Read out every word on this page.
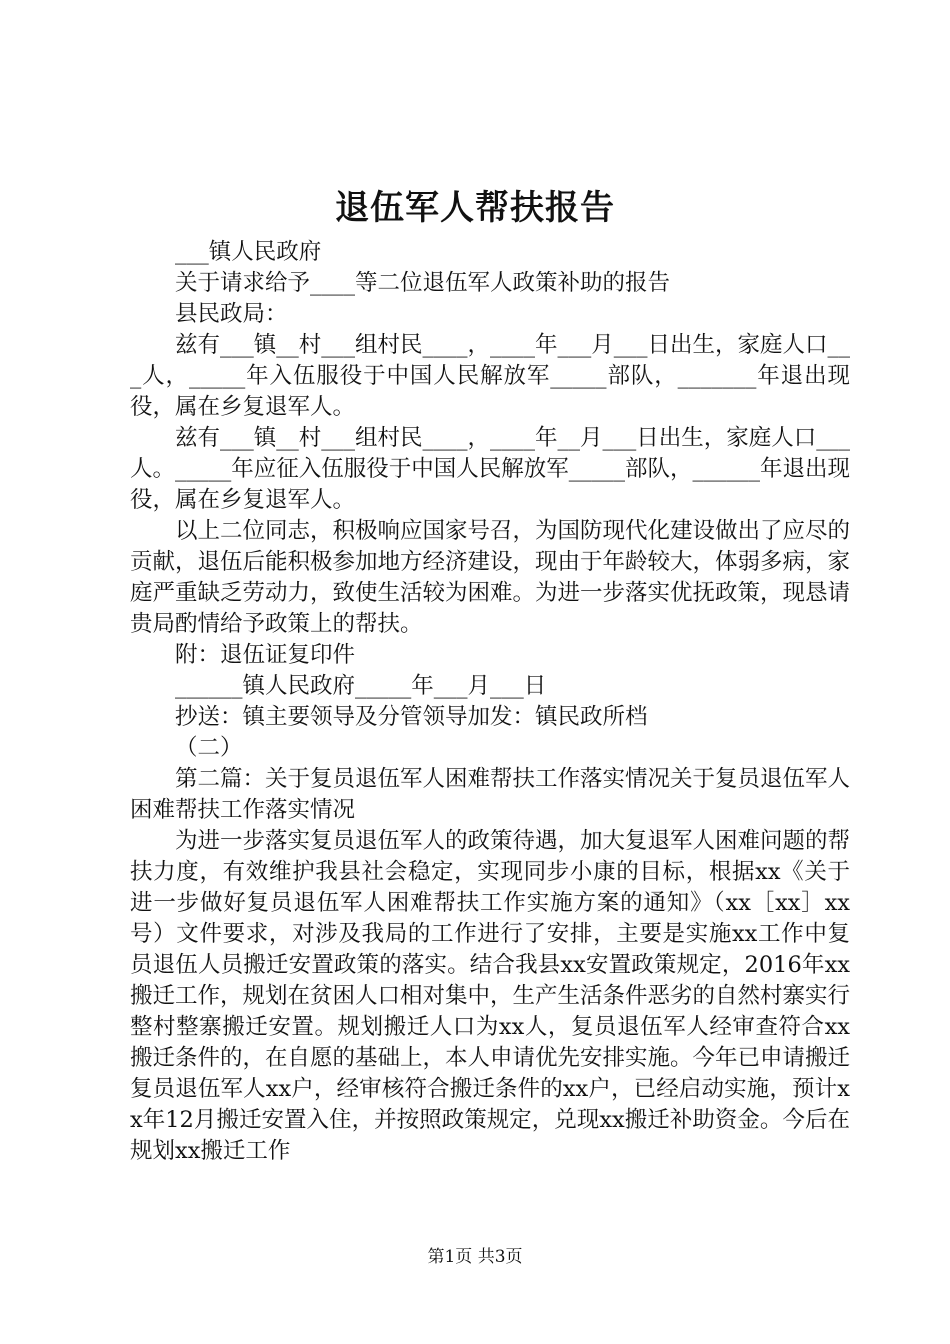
退伍军人帮扶报告

___镇人民政府

关于请求给予____等二位退伍军人政策补助的报告

县民政局：

兹有___镇__村___组村民____，____年___月___日出生，家庭人口___人，_____年入伍服役于中国人民解放军_____部队，_______年退出现役，属在乡复退军人。

兹有___镇__村___组村民____，____年__月___日出生，家庭人口___人。_____年应征入伍服役于中国人民解放军_____部队，______年退出现役，属在乡复退军人。

以上二位同志，积极响应国家号召，为国防现代化建设做出了应尽的贡献，退伍后能积极参加地方经济建设，现由于年龄较大，体弱多病，家庭严重缺乏劳动力，致使生活较为困难。为进一步落实优抚政策，现恳请贵局酌情给予政策上的帮扶。

附：退伍证复印件

______镇人民政府_____年___月___日

抄送：镇主要领导及分管领导加发：镇民政所档

（二）

第二篇：关于复员退伍军人困难帮扶工作落实情况关于复员退伍军人困难帮扶工作落实情况

为进一步落实复员退伍军人的政策待遇，加大复退军人困难问题的帮扶力度，有效维护我县社会稳定，实现同步小康的目标，根据xx《关于进一步做好复员退伍军人困难帮扶工作实施方案的通知》（xx［xx］xx号）文件要求，对涉及我局的工作进行了安排，主要是实施xx工作中复员退伍人员搬迁安置政策的落实。结合我县xx安置政策规定，2016年xx搬迁工作，规划在贫困人口相对集中，生产生活条件恶劣的自然村寨实行整村整寨搬迁安置。规划搬迁人口为xx人，复员退伍军人经审查符合xx搬迁条件的，在自愿的基础上，本人申请优先安排实施。今年已申请搬迁复员退伍军人xx户，经审核符合搬迁条件的xx户，已经启动实施，预计xx年12月搬迁安置入住，并按照政策规定，兑现xx搬迁补助资金。今后在规划xx搬迁工作

第1页 共3页
